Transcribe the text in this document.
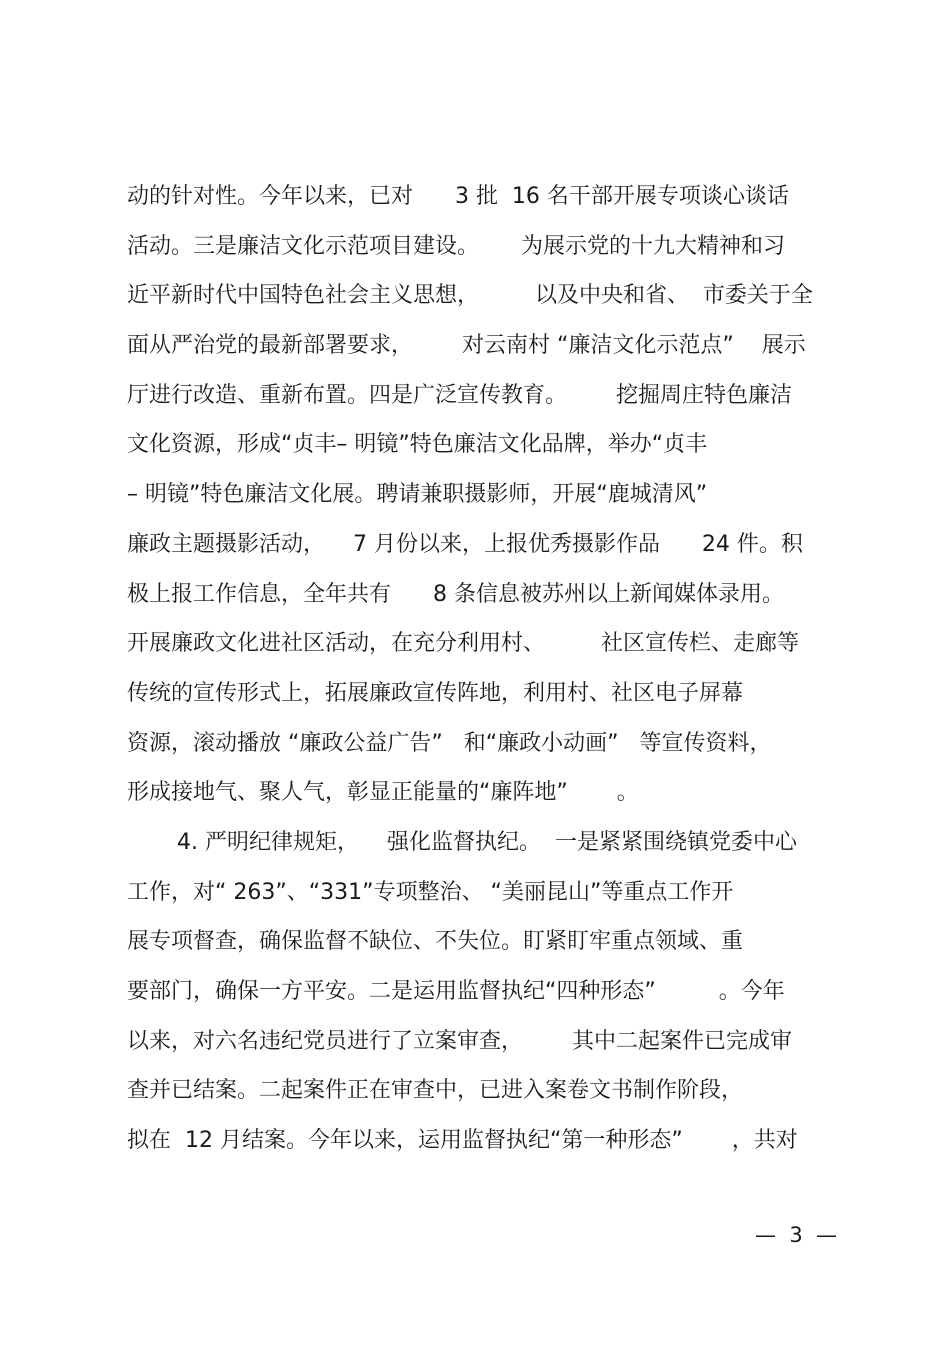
动的针对性。今年以来，已对      3 批  16 名干部开展专项谈心谈话
活动。三是廉洁文化示范项目建设。      为展示党的十九大精神和习
近平新时代中国特色社会主义思想，        以及中央和省、  市委关于全
面从严治党的最新部署要求，       对云南村 “廉洁文化示范点”    展示
厅进行改造、重新布置。四是广泛宣传教育。       挖掘周庄特色廉洁
文化资源，形成“贞丰– 明镜”特色廉洁文化品牌，举办“贞丰
– 明镜”特色廉洁文化展。聘请兼职摄影师，开展“鹿城清风”
廉政主题摄影活动，    7 月份以来，上报优秀摄影作品      24 件。积
极上报工作信息，全年共有      8 条信息被苏州以上新闻媒体录用。
开展廉政文化进社区活动，在充分利用村、        社区宣传栏、走廊等
传统的宣传形式上，拓展廉政宣传阵地，利用村、社区电子屏幕
资源，滚动播放 “廉政公益广告”   和“廉政小动画”   等宣传资料，
形成接地气、聚人气，彰显正能量的“廉阵地”       。
4. 严明纪律规矩，    强化监督执纪。  一是紧紧围绕镇党委中心
工作，对“ 263”、“331”专项整治、 “美丽昆山”等重点工作开
展专项督查，确保监督不缺位、不失位。盯紧盯牢重点领域、重
要部门，确保一方平安。二是运用监督执纪“四种形态”         。今年
以来，对六名违纪党员进行了立案审查，       其中二起案件已完成审
查并已结案。二起案件正在审查中，已进入案卷文书制作阶段，
拟在  12 月结案。今年以来，运用监督执纪“第一种形态”       ，共对
—  3  —
